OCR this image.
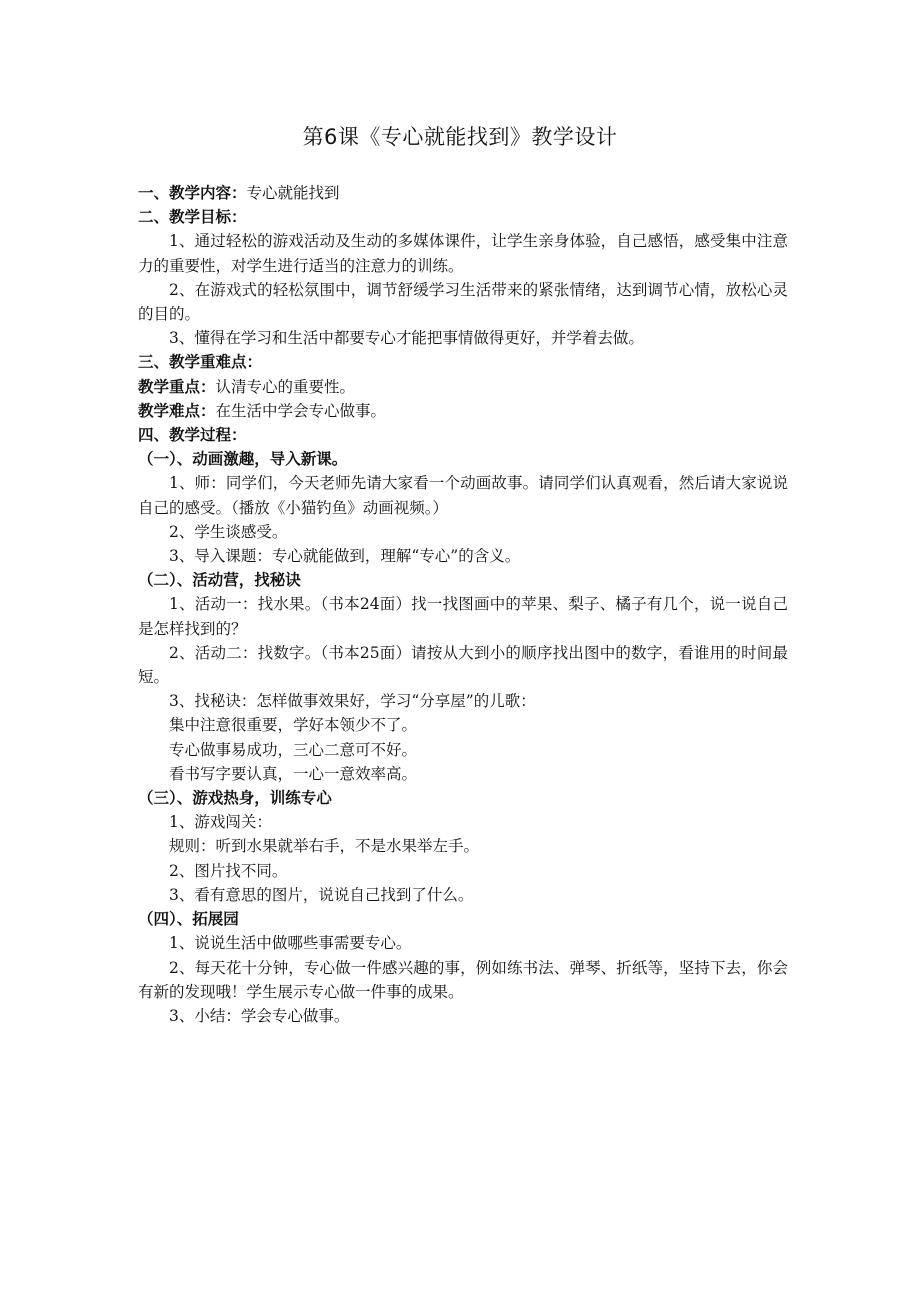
第6课《专心就能找到》教学设计

一、教学内容：专心就能找到

二、教学目标：

1、通过轻松的游戏活动及生动的多媒体课件，让学生亲身体验，自己感悟，感受集中注意力的重要性，对学生进行适当的注意力的训练。

2、在游戏式的轻松氛围中，调节舒缓学习生活带来的紧张情绪，达到调节心情，放松心灵的目的。

3、懂得在学习和生活中都要专心才能把事情做得更好，并学着去做。

三、教学重难点：

教学重点：认清专心的重要性。

教学难点：在生活中学会专心做事。

四、教学过程：

（一）、动画激趣，导入新课。

1、师：同学们，今天老师先请大家看一个动画故事。请同学们认真观看，然后请大家说说自己的感受。（播放《小猫钓鱼》动画视频。）

2、学生谈感受。

3、导入课题：专心就能做到，理解“专心”的含义。

（二）、活动营，找秘诀

1、活动一：找水果。（书本24面）找一找图画中的苹果、梨子、橘子有几个，说一说自己是怎样找到的？

2、活动二：找数字。（书本25面）请按从大到小的顺序找出图中的数字，看谁用的时间最短。

3、找秘诀：怎样做事效果好，学习“分享屋”的儿歌：

集中注意很重要，学好本领少不了。

专心做事易成功，三心二意可不好。

看书写字要认真，一心一意效率高。

（三）、游戏热身，训练专心

1、游戏闯关：

规则：听到水果就举右手，不是水果举左手。

2、图片找不同。

3、看有意思的图片，说说自己找到了什么。

（四）、拓展园

1、说说生活中做哪些事需要专心。

2、每天花十分钟，专心做一件感兴趣的事，例如练书法、弹琴、折纸等，坚持下去，你会有新的发现哦！学生展示专心做一件事的成果。

3、小结：学会专心做事。
